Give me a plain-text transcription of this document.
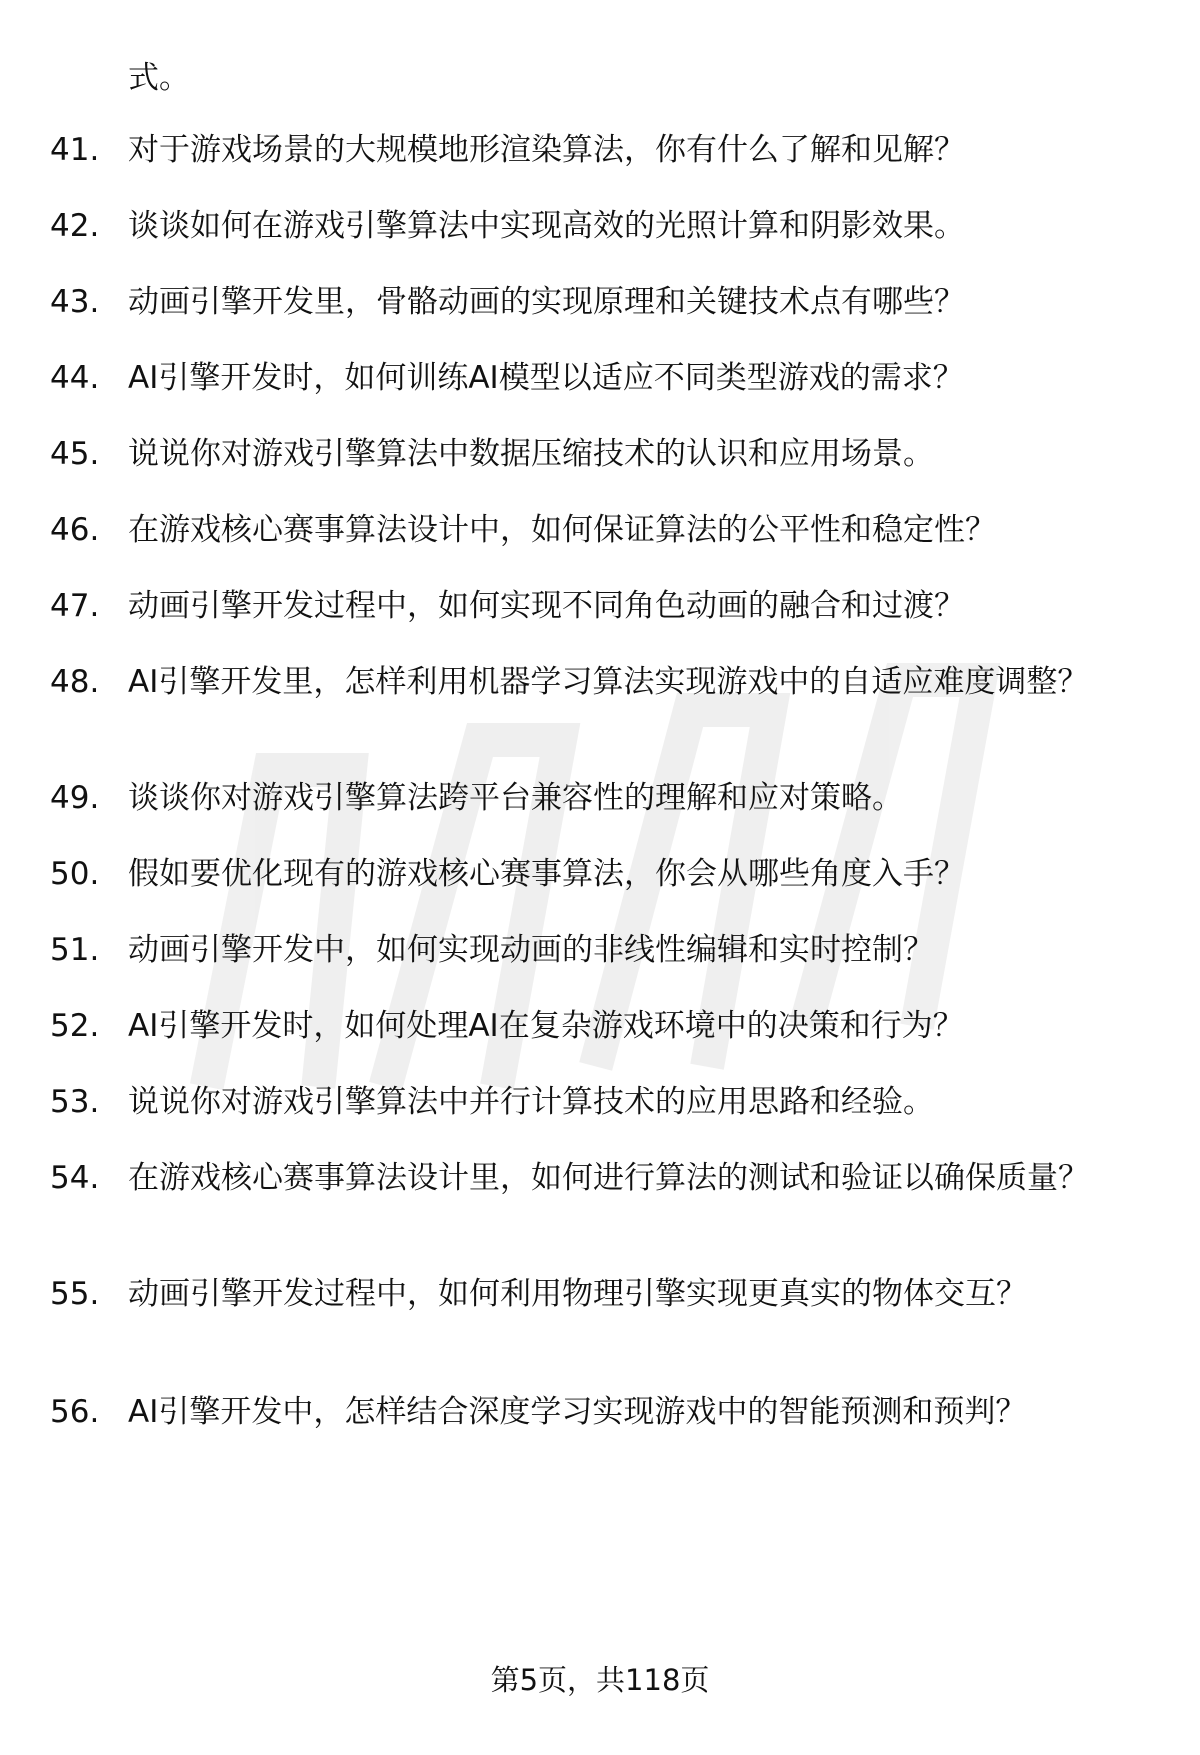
式。
41. 对于游戏场景的大规模地形渲染算法，你有什么了解和见解？
42. 谈谈如何在游戏引擎算法中实现高效的光照计算和阴影效果。
43. 动画引擎开发里，骨骼动画的实现原理和关键技术点有哪些？
44. AI引擎开发时，如何训练AI模型以适应不同类型游戏的需求？
45. 说说你对游戏引擎算法中数据压缩技术的认识和应用场景。
46. 在游戏核心赛事算法设计中，如何保证算法的公平性和稳定性？
47. 动画引擎开发过程中，如何实现不同角色动画的融合和过渡？
48. AI引擎开发里，怎样利用机器学习算法实现游戏中的自适应难度调整？
49. 谈谈你对游戏引擎算法跨平台兼容性的理解和应对策略。
50. 假如要优化现有的游戏核心赛事算法，你会从哪些角度入手？
51. 动画引擎开发中，如何实现动画的非线性编辑和实时控制？
52. AI引擎开发时，如何处理AI在复杂游戏环境中的决策和行为？
53. 说说你对游戏引擎算法中并行计算技术的应用思路和经验。
54. 在游戏核心赛事算法设计里，如何进行算法的测试和验证以确保质量？
55. 动画引擎开发过程中，如何利用物理引擎实现更真实的物体交互？
56. AI引擎开发中，怎样结合深度学习实现游戏中的智能预测和预判？
第5页，共118页
